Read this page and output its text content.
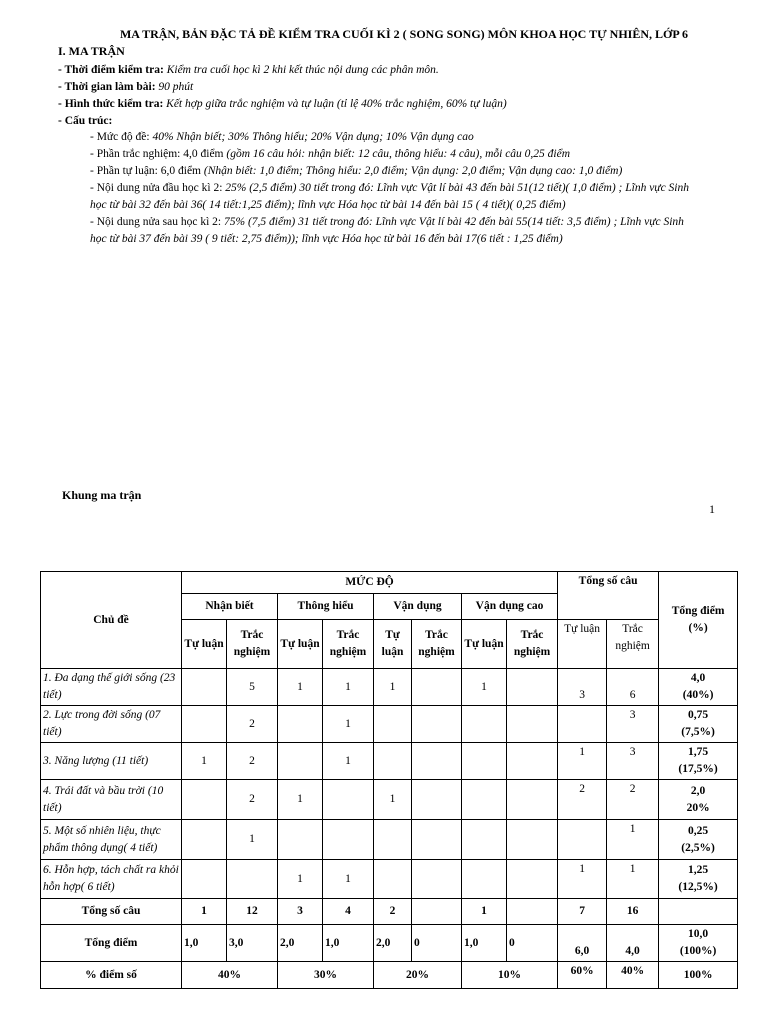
MA TRẬN, BẢN ĐẶC TẢ ĐỀ KIỂM TRA CUỐI KÌ 2 ( SONG SONG) MÔN KHOA HỌC TỰ NHIÊN, LỚP 6
I. MA TRẬN
- Thời điểm kiểm tra: Kiểm tra cuối học kì 2 khi kết thúc nội dung các phân môn.
- Thời gian làm bài: 90 phút
- Hình thức kiểm tra: Kết hợp giữa trắc nghiệm và tự luận (tỉ lệ 40% trắc nghiệm, 60% tự luận)
- Cấu trúc:
- Mức độ đề: 40% Nhận biết; 30% Thông hiểu; 20% Vận dụng; 10% Vận dụng cao
- Phần trắc nghiệm: 4,0 điểm (gồm 16 câu hỏi: nhận biết: 12 câu, thông hiểu: 4 câu), mỗi câu 0,25 điểm
- Phần tự luận: 6,0 điểm (Nhận biết: 1,0 điểm; Thông hiểu: 2,0 điểm; Vận dụng: 2,0 điểm; Vận dụng cao: 1,0 điểm)
- Nội dung nửa đầu học kì 2: 25% (2,5 điểm) 30 tiết trong đó: Lĩnh vực Vật lí bài 43 đến bài 51(12 tiết)( 1,0 điểm) ; Lĩnh vực Sinh
học từ bài 32 đến bài 36( 14 tiết:1,25 điểm); lĩnh vực Hóa học từ bài 14 đến bài 15 ( 4 tiết)( 0,25 điểm)
- Nội dung nửa sau học kì 2: 75% (7,5 điểm) 31 tiết trong đó: Lĩnh vực Vật lí bài 42 đến bài 55(14 tiết: 3,5 điểm) ; Lĩnh vực Sinh
học từ bài 37 đến bài 39 ( 9 tiết: 2,75 điểm)); lĩnh vực Hóa học từ bài 16 đến bài 17(6 tiết : 1,25 điểm)
Khung ma trận
1
Chủ đề	MỨC ĐỘ								Tổng số câu		Tổng điểm (%)
	Nhận biết		Thông hiểu		Vận dụng		Vận dụng cao				
	Tự luận	Trắc nghiệm	Tự luận	Trắc nghiệm	Tự luận	Trắc nghiệm	Tự luận	Trắc nghiệm	Tự luận	Trắc nghiệm	
1. Đa dạng thế giới sống (23 tiết)		5	1	1	1		1		3	6	4,0
(40%)

2. Lực trong đời sống (07 tiết)		2		1						3	0,75
(7,5%)

3. Năng lượng (11 tiết)	1	2		1					1	3	1,75
(17,5%)

4. Trái đất và bầu trời (10 tiết)		2	1		1				2	2	2,0
20%

5. Một số nhiên liệu, thực phẩm thông dụng( 4 tiết)		1								1	0,25
(2,5%)

6. Hỗn hợp, tách chất ra khỏi hỗn hợp( 6 tiết)			1	1					1	1	1,25
(12,5%)

Tổng số câu	1	12	3	4	2		1		7	16	
Tổng điểm	1,0	3,0	2,0	1,0	2,0	0	1,0	0	6,0	4,0	10,0
(100%)

% điểm số	40%		30%		20%		10%		60%	40%	100%
